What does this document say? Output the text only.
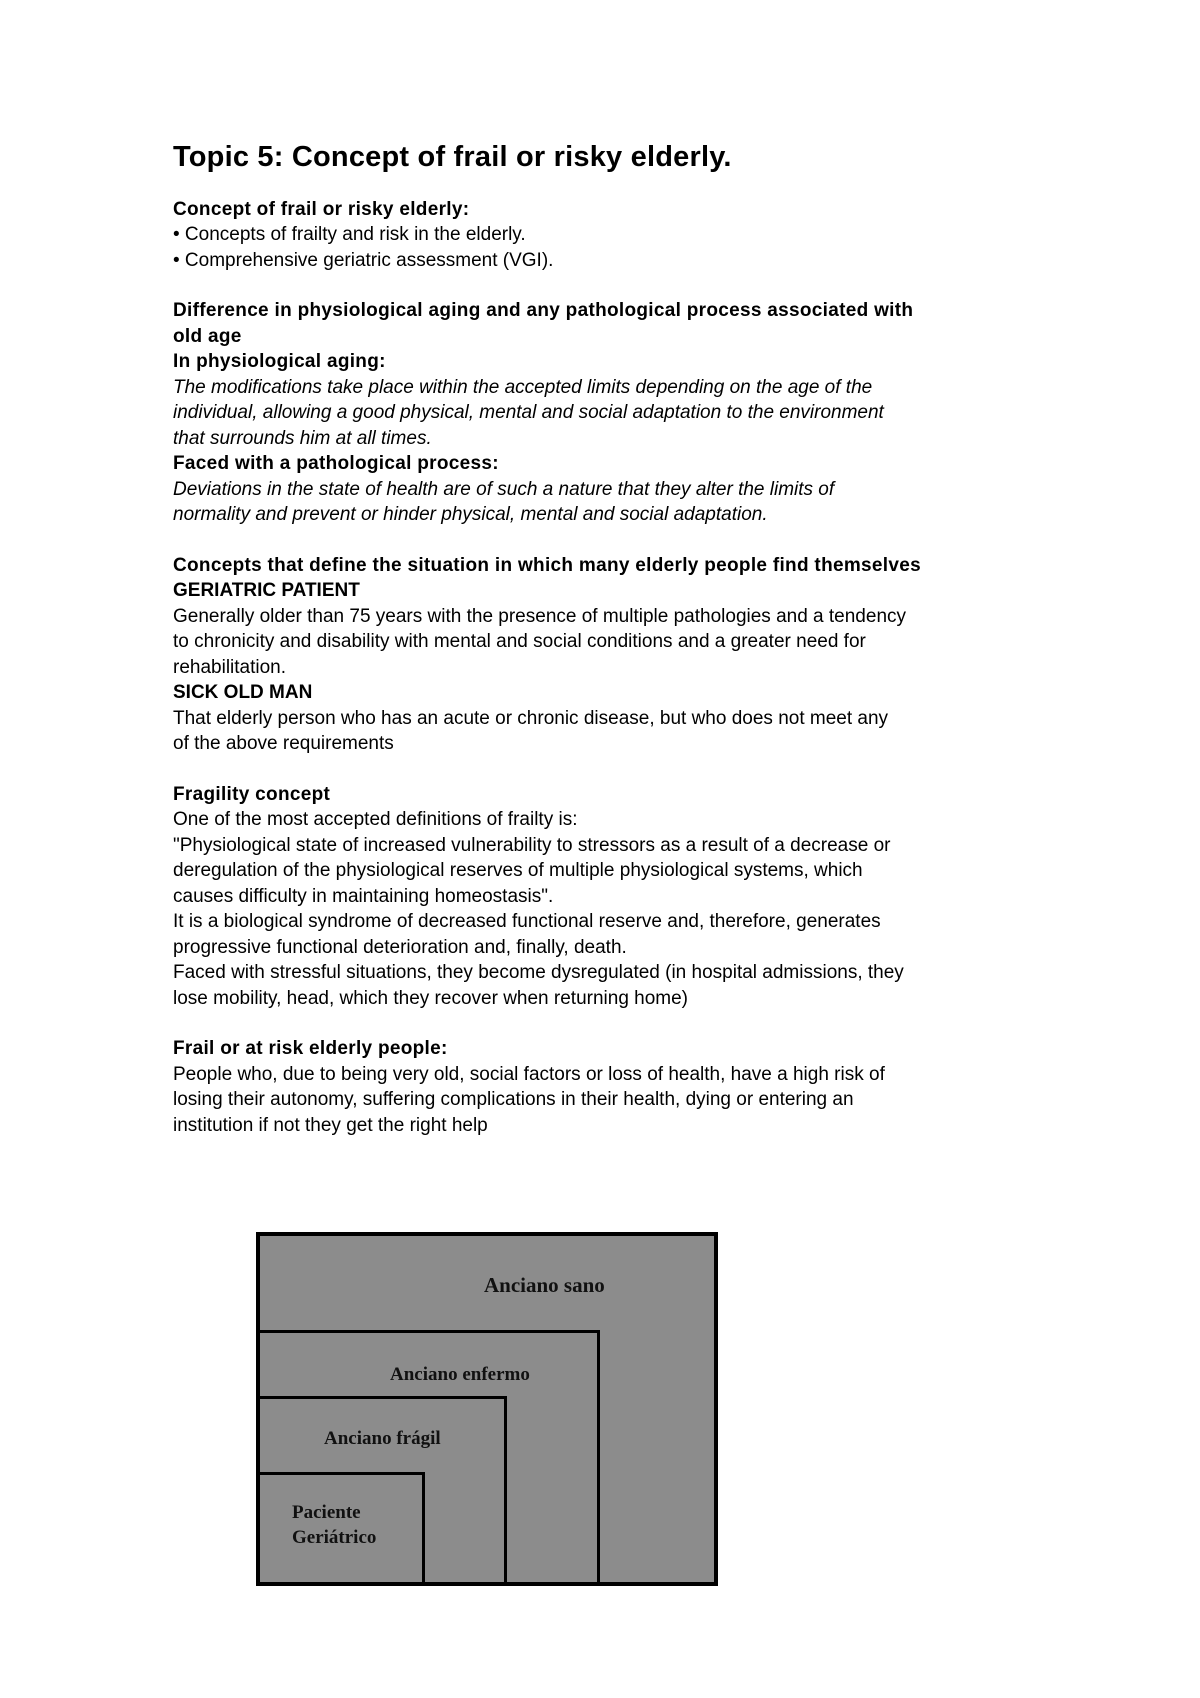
Topic 5: Concept of frail or risky elderly.
Concept of frail or risky elderly:
• Concepts of frailty and risk in the elderly.
• Comprehensive geriatric assessment (VGI).
Difference in physiological aging and any pathological process associated with
old age
In physiological aging:
The modifications take place within the accepted limits depending on the age of the
individual, allowing a good physical, mental and social adaptation to the environment
that surrounds him at all times.
Faced with a pathological process:
Deviations in the state of health are of such a nature that they alter the limits of
normality and prevent or hinder physical, mental and social adaptation.
Concepts that define the situation in which many elderly people find themselves
GERIATRIC PATIENT
Generally older than 75 years with the presence of multiple pathologies and a tendency
to chronicity and disability with mental and social conditions and a greater need for
rehabilitation.
SICK OLD MAN
That elderly person who has an acute or chronic disease, but who does not meet any
of the above requirements
Fragility concept
One of the most accepted definitions of frailty is:
"Physiological state of increased vulnerability to stressors as a result of a decrease or
deregulation of the physiological reserves of multiple physiological systems, which
causes difficulty in maintaining homeostasis".
It is a biological syndrome of decreased functional reserve and, therefore, generates
progressive functional deterioration and, finally, death.
Faced with stressful situations, they become dysregulated (in hospital admissions, they
lose mobility, head, which they recover when returning home)
Frail or at risk elderly people:
People who, due to being very old, social factors or loss of health, have a high risk of
losing their autonomy, suffering complications in their health, dying or entering an
institution if not they get the right help
Anciano sano
Anciano enfermo
Anciano frágil
Paciente
Geriátrico
